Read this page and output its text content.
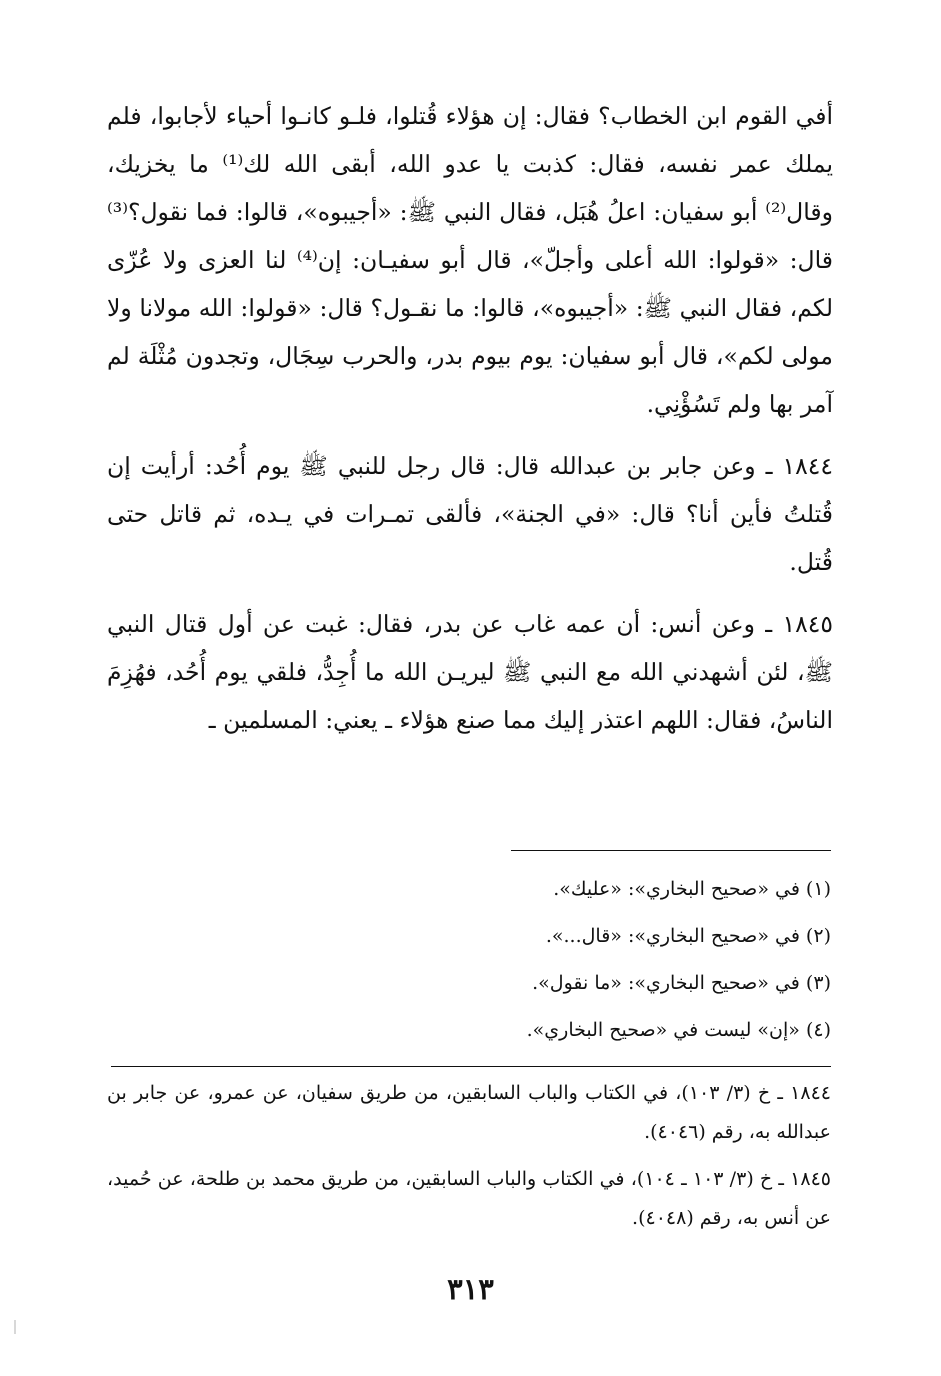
أفي القوم ابن الخطاب؟ فقال: إن هؤلاء قُتلوا، فلـو كانـوا أحياء لأجابوا، فلم يملك عمر نفسه، فقال: كذبت يا عدو الله، أبقى الله لك⁽¹⁾ ما يخزيك، وقال⁽²⁾ أبو سفيان: اعلُ هُبَل، فقال النبي ﷺ: «أجيبوه»، قالوا: فما نقول؟⁽³⁾ قال: «قولوا: الله أعلى وأجلّ»، قال أبو سفيـان: إن⁽⁴⁾ لنا العزى ولا عُزّى لكم، فقال النبي ﷺ: «أجيبوه»، قالوا: ما نقـول؟ قال: «قولوا: الله مولانا ولا مولى لكم»، قال أبو سفيان: يوم بيوم بدر، والحرب سِجَال، وتجدون مُثْلَة لم آمر بها ولم تَسُؤْنِي.

١٨٤٤ ـ وعن جابر بن عبدالله قال: قال رجل للنبي ﷺ يوم أُحُد: أرأيت إن قُتلتُ فأين أنا؟ قال: «في الجنة»، فألقى تمـرات في يـده، ثم قاتل حتى قُتل.

١٨٤٥ ـ وعن أنس: أن عمه غاب عن بدر، فقال: غبت عن أول قتال النبي ﷺ، لئن أشهدني الله مع النبي ﷺ ليريـن الله ما أُجِدُّ، فلقي يوم أُحُد، فهُزِمَ الناسُ، فقال: اللهم اعتذر إليك مما صنع هؤلاء ـ يعني: المسلمين ـ

(١) في «صحيح البخاري»: «عليك».
(٢) في «صحيح البخاري»: «قال...».
(٣) في «صحيح البخاري»: «ما نقول».
(٤) «إن» ليست في «صحيح البخاري».

١٨٤٤ ـ خ (٣/ ١٠٣)، في الكتاب والباب السابقين، من طريق سفيان، عن عمرو، عن جابر بن عبدالله به، رقم (٤٠٤٦).

١٨٤٥ ـ خ (٣/ ١٠٣ ـ ١٠٤)، في الكتاب والباب السابقين، من طريق محمد بن طلحة، عن حُميد، عن أنس به، رقم (٤٠٤٨).

٣١٣
